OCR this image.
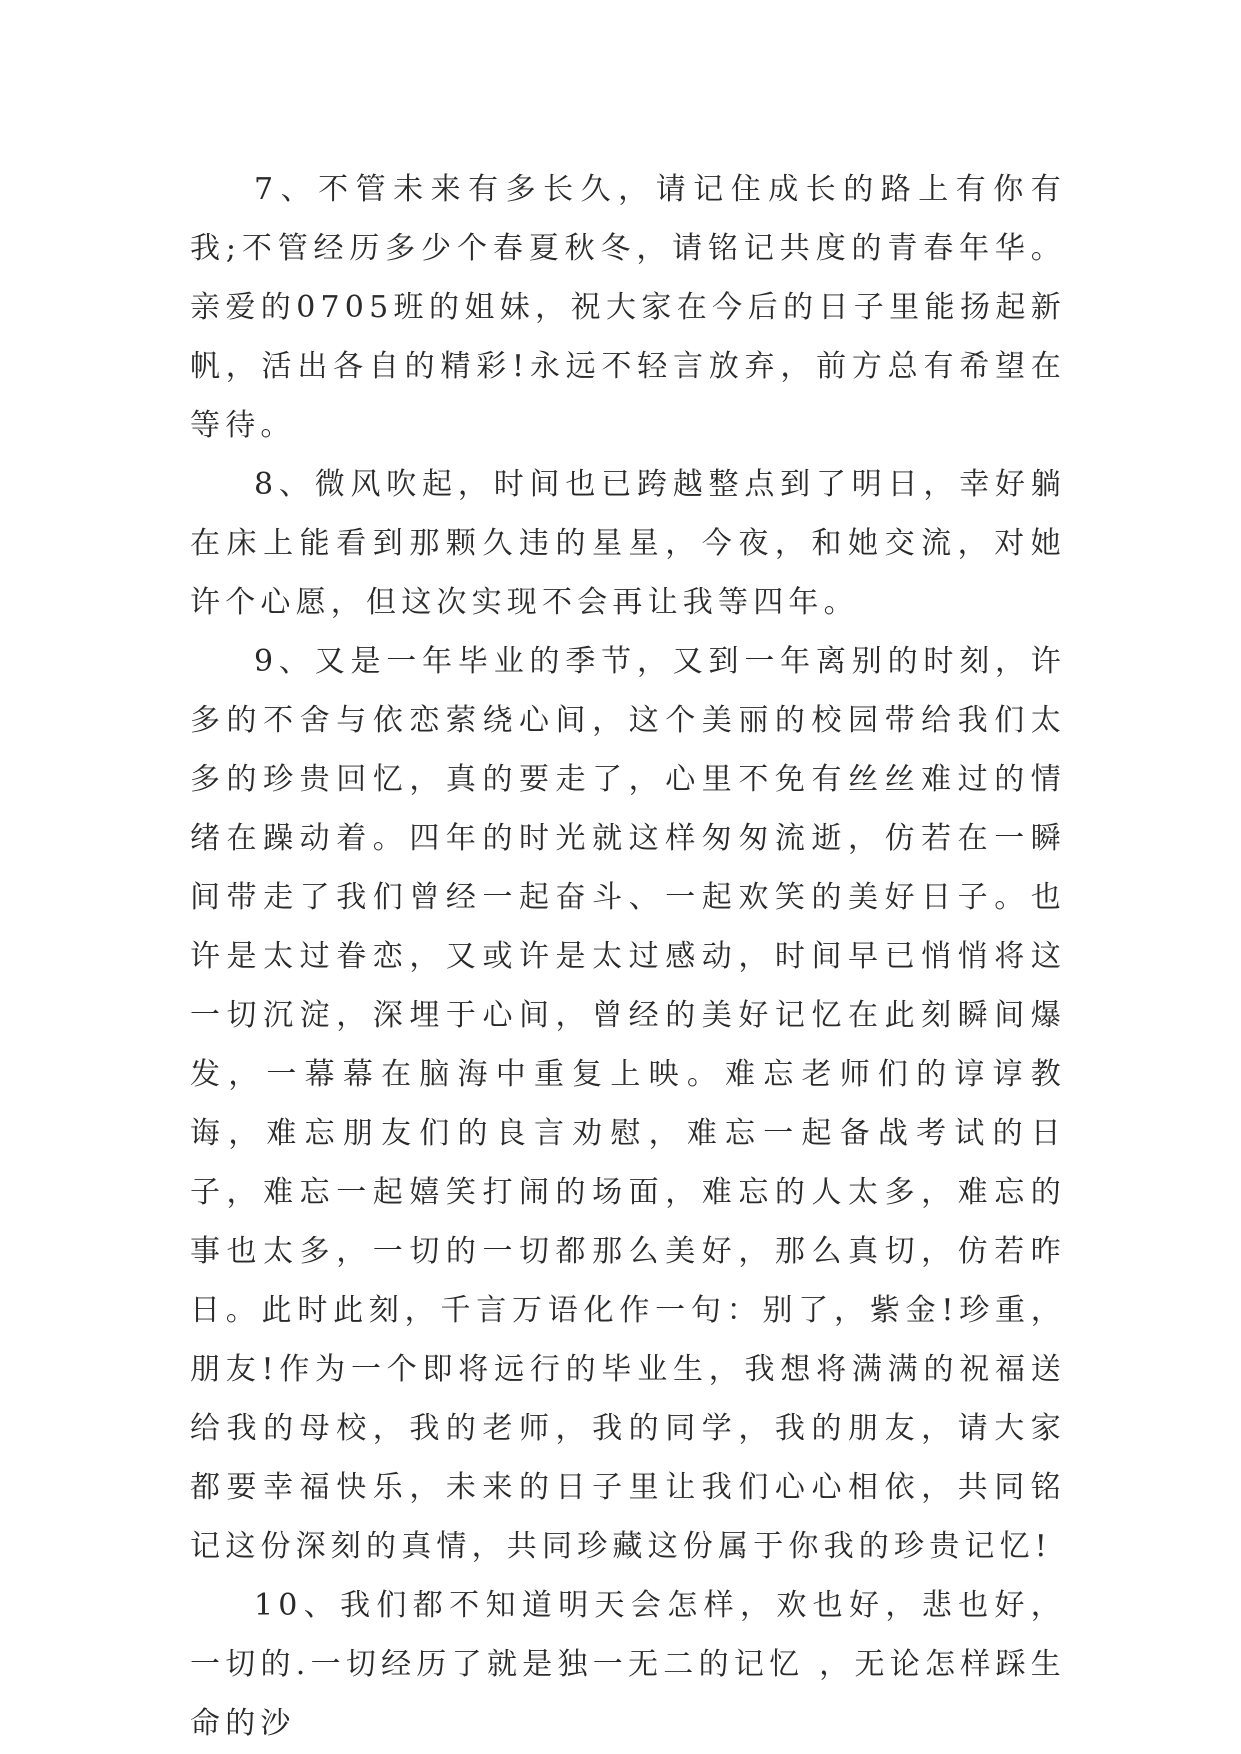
7、不管未来有多长久，请记住成长的路上有你有我;不管经历多少个春夏秋冬，请铭记共度的青春年华。亲爱的0705班的姐妹，祝大家在今后的日子里能扬起新帆，活出各自的精彩!永远不轻言放弃，前方总有希望在等待。

8、微风吹起，时间也已跨越整点到了明日，幸好躺在床上能看到那颗久违的星星，今夜，和她交流，对她许个心愿，但这次实现不会再让我等四年。

9、又是一年毕业的季节，又到一年离别的时刻，许多的不舍与依恋萦绕心间，这个美丽的校园带给我们太多的珍贵回忆，真的要走了，心里不免有丝丝难过的情绪在躁动着。四年的时光就这样匆匆流逝，仿若在一瞬间带走了我们曾经一起奋斗、一起欢笑的美好日子。也许是太过眷恋，又或许是太过感动，时间早已悄悄将这一切沉淀，深埋于心间，曾经的美好记忆在此刻瞬间爆发，一幕幕在脑海中重复上映。难忘老师们的谆谆教诲，难忘朋友们的良言劝慰，难忘一起备战考试的日子，难忘一起嬉笑打闹的场面，难忘的人太多，难忘的事也太多，一切的一切都那么美好，那么真切，仿若昨日。此时此刻，千言万语化作一句：别了，紫金!珍重，朋友!作为一个即将远行的毕业生，我想将满满的祝福送给我的母校，我的老师，我的同学，我的朋友，请大家都要幸福快乐，未来的日子里让我们心心相依，共同铭记这份深刻的真情，共同珍藏这份属于你我的珍贵记忆!

10、我们都不知道明天会怎样，欢也好，悲也好，一切的.一切经历了就是独一无二的记忆 ，无论怎样踩生命的沙
